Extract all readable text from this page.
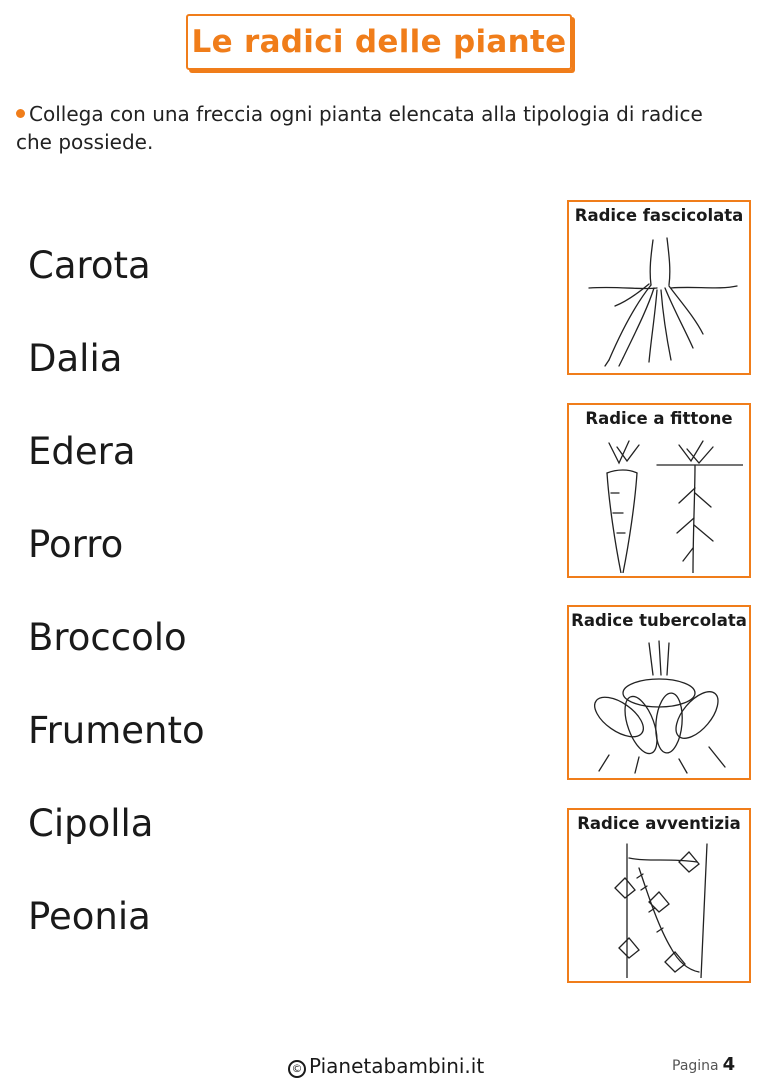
Le radici delle piante
Collega con una freccia ogni pianta elencata alla tipologia di radice che possiede.
Carota
Dalia
Edera
Porro
Broccolo
Frumento
Cipolla
Peonia
Radice fascicolata
Radice a fittone
Radice tubercolata
Radice avventizia
© Pianetabambini.it	Pagina 4
